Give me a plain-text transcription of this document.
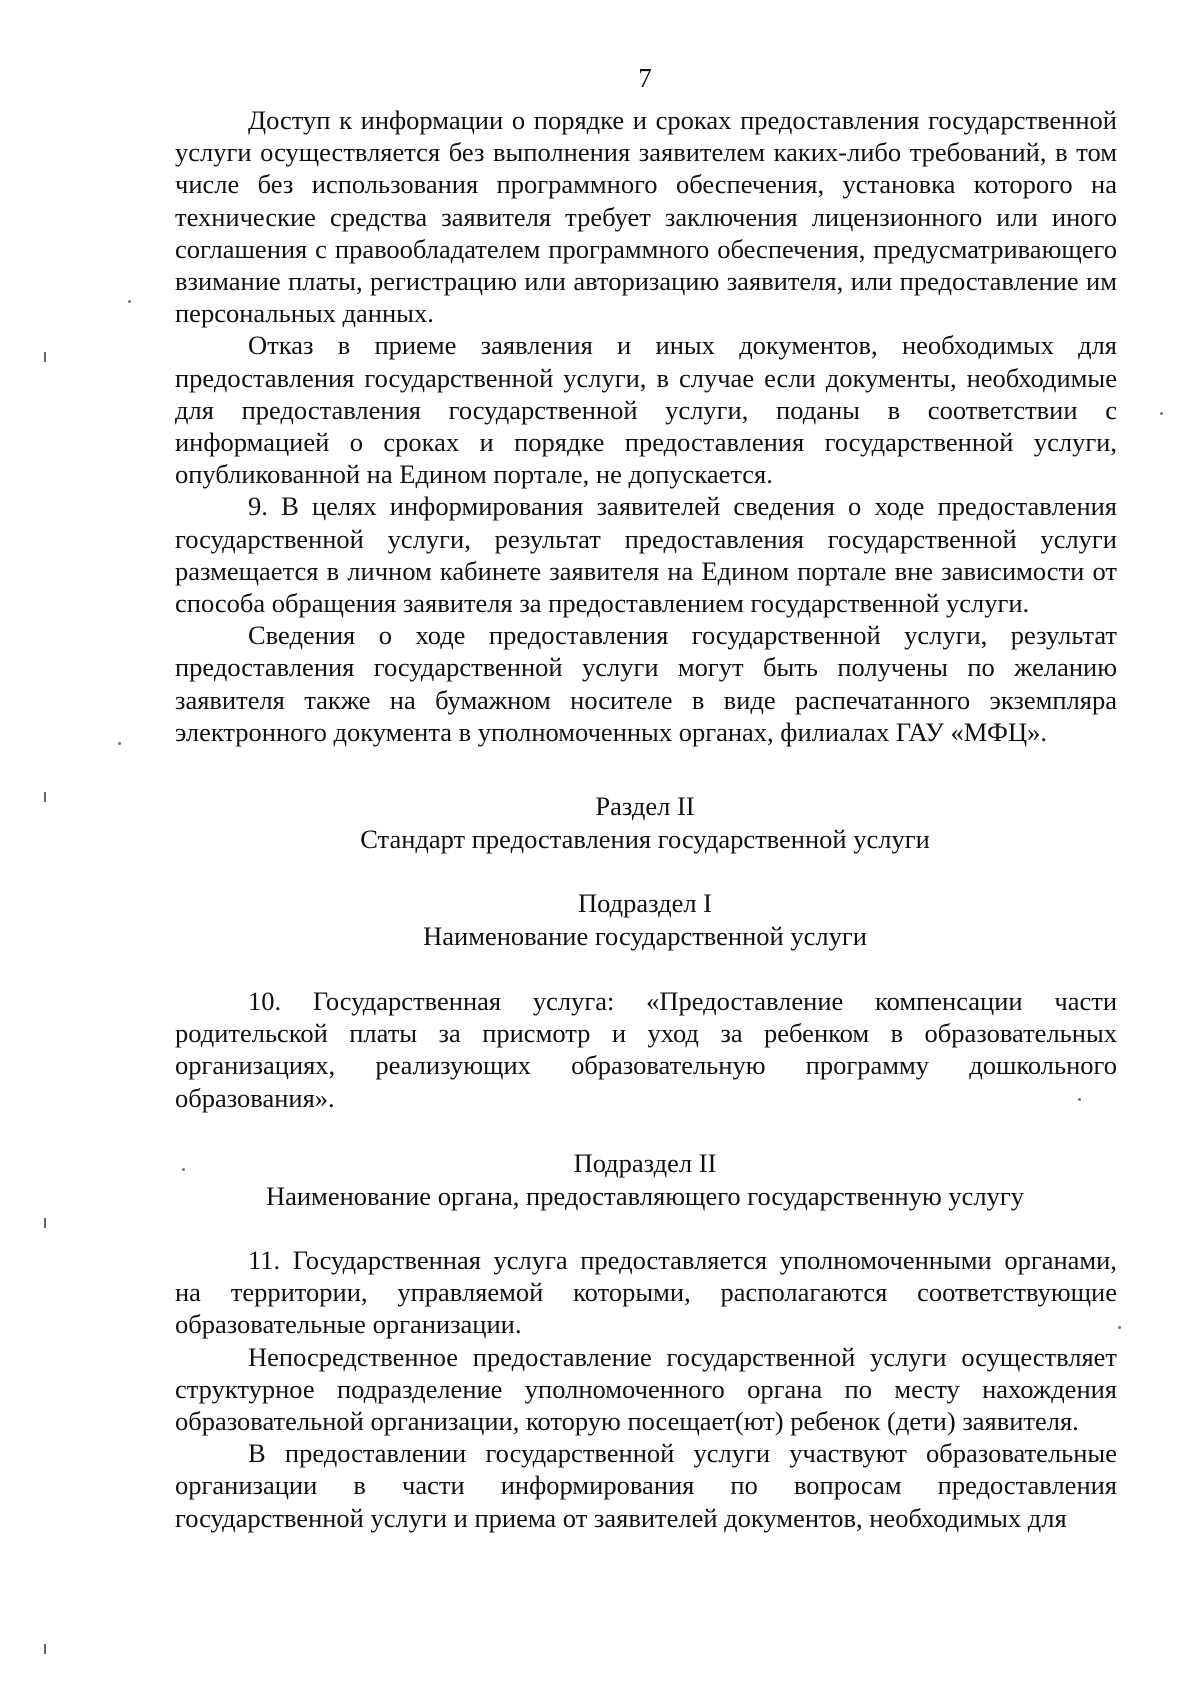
7

Доступ к информации о порядке и сроках предоставления государственной услуги осуществляется без выполнения заявителем каких-либо требований, в том числе без использования программного обеспечения, установка которого на технические средства заявителя требует заключения лицензионного или иного соглашения с правообладателем программного обеспечения, предусматривающего взимание платы, регистрацию или авторизацию заявителя, или предоставление им персональных данных.

Отказ в приеме заявления и иных документов, необходимых для предоставления государственной услуги, в случае если документы, необходимые для предоставления государственной услуги, поданы в соответствии с информацией о сроках и порядке предоставления государственной услуги, опубликованной на Едином портале, не допускается.

9. В целях информирования заявителей сведения о ходе предоставления государственной услуги, результат предоставления государственной услуги размещается в личном кабинете заявителя на Едином портале вне зависимости от способа обращения заявителя за предоставлением государственной услуги.

Сведения о ходе предоставления государственной услуги, результат предоставления государственной услуги могут быть получены по желанию заявителя также на бумажном носителе в виде распечатанного экземпляра электронного документа в уполномоченных органах, филиалах ГАУ «МФЦ».

Раздел II
Стандарт предоставления государственной услуги
Подраздел I
Наименование государственной услуги

10. Государственная услуга: «Предоставление компенсации части родительской платы за присмотр и уход за ребенком в образовательных организациях, реализующих образовательную программу дошкольного образования».

Подраздел II
Наименование органа, предоставляющего государственную услугу

11. Государственная услуга предоставляется уполномоченными органами, на территории, управляемой которыми, располагаются соответствующие образовательные организации.

Непосредственное предоставление государственной услуги осуществляет структурное подразделение уполномоченного органа по месту нахождения образовательной организации, которую посещает(ют) ребенок (дети) заявителя.

В предоставлении государственной услуги участвуют образовательные организации в части информирования по вопросам предоставления государственной услуги и приема от заявителей документов, необходимых для
